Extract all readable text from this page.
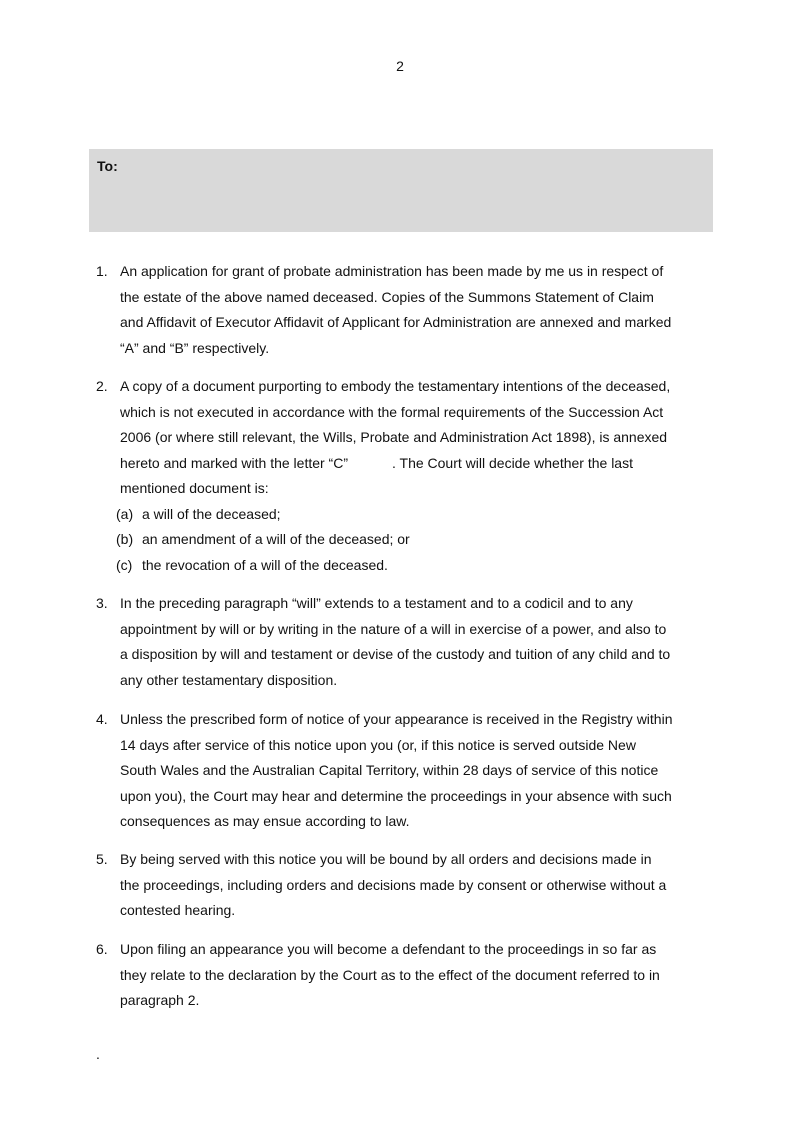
2
To:
1. An application for grant of probate administration has been made by me us in respect of
the estate of the above named deceased. Copies of the Summons Statement of Claim
and Affidavit of Executor Affidavit of Applicant for Administration are annexed and marked
“A” and “B” respectively.
2. A copy of a document purporting to embody the testamentary intentions of the deceased,
which is not executed in accordance with the formal requirements of the Succession Act
2006 (or where still relevant, the Wills, Probate and Administration Act 1898), is annexed
hereto and marked with the letter “C”	. The Court will decide whether the last
mentioned document is:
(a) a will of the deceased;
(b) an amendment of a will of the deceased; or
(c) the revocation of a will of the deceased.
3. In the preceding paragraph “will” extends to a testament and to a codicil and to any
appointment by will or by writing in the nature of a will in exercise of a power, and also to
a disposition by will and testament or devise of the custody and tuition of any child and to
any other testamentary disposition.
4. Unless the prescribed form of notice of your appearance is received in the Registry within
14 days after service of this notice upon you (or, if this notice is served outside New
South Wales and the Australian Capital Territory, within 28 days of service of this notice
upon you), the Court may hear and determine the proceedings in your absence with such
consequences as may ensue according to law.
5. By being served with this notice you will be bound by all orders and decisions made in
the proceedings, including orders and decisions made by consent or otherwise without a
contested hearing.
6. Upon filing an appearance you will become a defendant to the proceedings in so far as
they relate to the declaration by the Court as to the effect of the document referred to in
paragraph 2.
.
